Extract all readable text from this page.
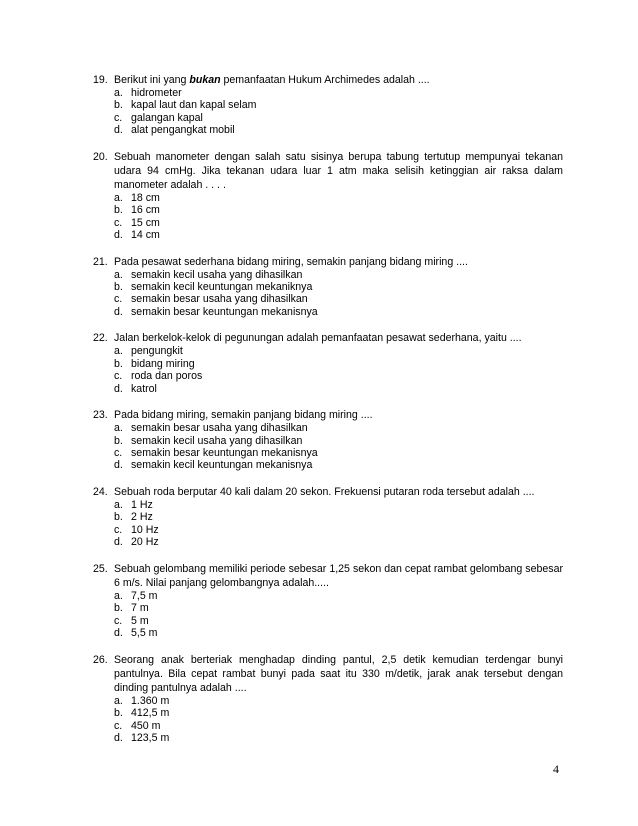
19. Berikut ini yang bukan pemanfaatan Hukum Archimedes adalah ....
a. hidrometer
b. kapal laut dan kapal selam
c. galangan kapal
d. alat pengangkat mobil
20. Sebuah manometer dengan salah satu sisinya berupa tabung tertutup mempunyai tekanan udara 94 cmHg. Jika tekanan udara luar 1 atm maka selisih ketinggian air raksa dalam manometer adalah . . . .
a. 18 cm
b. 16 cm
c. 15 cm
d. 14 cm
21. Pada pesawat sederhana bidang miring, semakin panjang bidang miring ....
a. semakin kecil usaha yang dihasilkan
b. semakin kecil keuntungan mekaniknya
c. semakin besar usaha yang dihasilkan
d. semakin besar keuntungan mekanisnya
22. Jalan berkelok-kelok di pegunungan adalah pemanfaatan pesawat sederhana, yaitu ....
a. pengungkit
b. bidang miring
c. roda dan poros
d. katrol
23. Pada bidang miring, semakin panjang bidang miring ....
a. semakin besar usaha yang dihasilkan
b. semakin kecil usaha yang dihasilkan
c. semakin besar keuntungan mekanisnya
d. semakin kecil keuntungan mekanisnya
24. Sebuah roda berputar 40 kali dalam 20 sekon. Frekuensi putaran roda tersebut adalah ....
a. 1 Hz
b. 2 Hz
c. 10 Hz
d. 20 Hz
25. Sebuah gelombang memiliki periode sebesar 1,25 sekon dan cepat rambat gelombang sebesar 6 m/s. Nilai panjang gelombangnya adalah.....
a. 7,5 m
b. 7 m
c. 5 m
d. 5,5 m
26. Seorang anak berteriak menghadap dinding pantul, 2,5 detik kemudian terdengar bunyi pantulnya. Bila cepat rambat bunyi pada saat itu 330 m/detik, jarak anak tersebut dengan dinding pantulnya adalah ....
a. 1.360 m
b. 412,5 m
c. 450 m
d. 123,5 m
4
